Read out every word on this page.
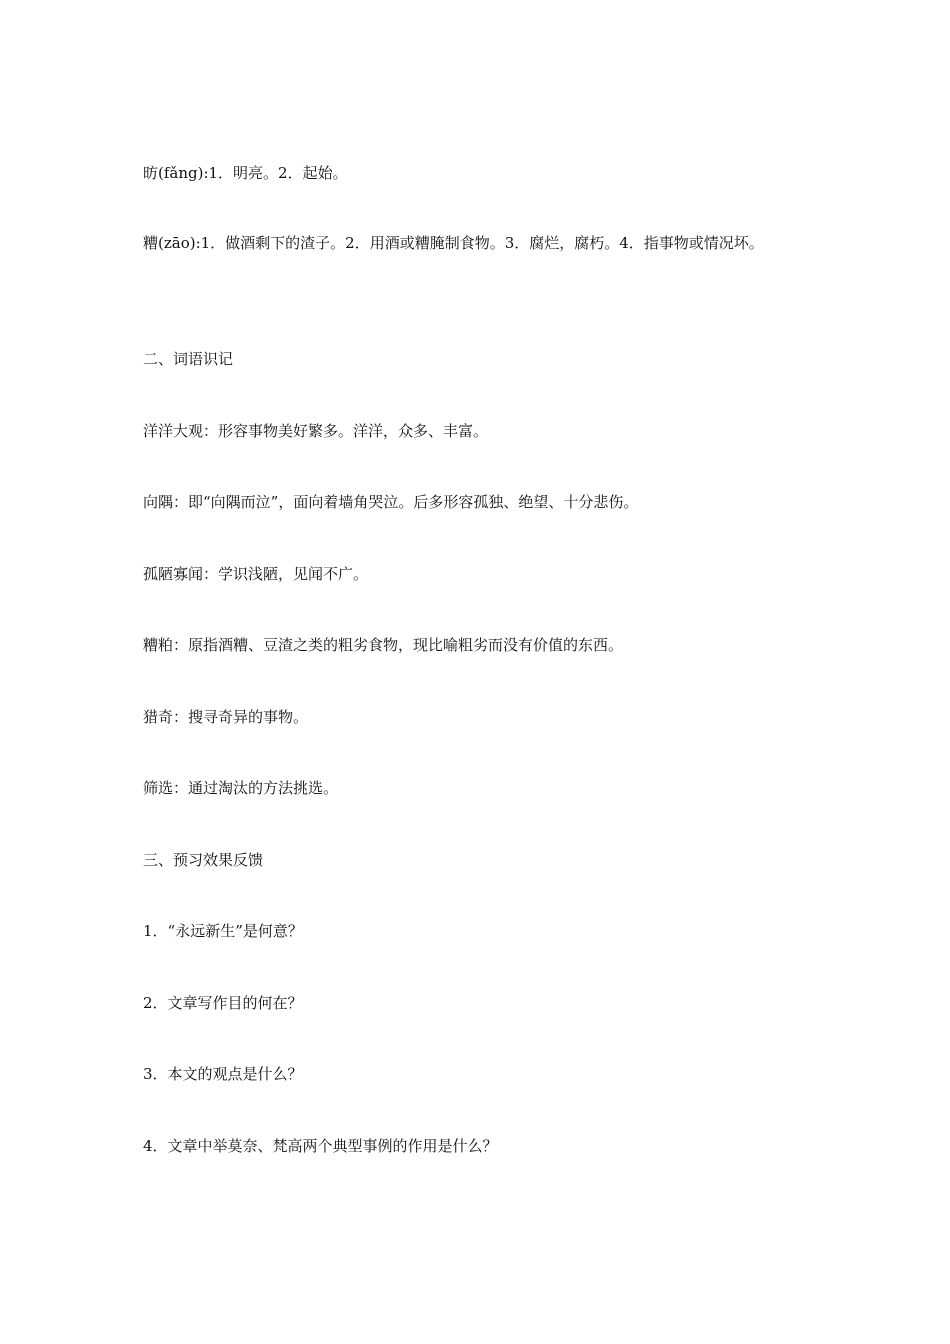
昉(fǎng):1．明亮。2．起始。
糟(zāo):1．做酒剩下的渣子。2．用酒或糟腌制食物。3．腐烂，腐朽。4．指事物或情况坏。
二、词语识记
洋洋大观：形容事物美好繁多。洋洋，众多、丰富。
向隅：即“向隅而泣”，面向着墙角哭泣。后多形容孤独、绝望、十分悲伤。
孤陋寡闻：学识浅陋，见闻不广。
糟粕：原指酒糟、豆渣之类的粗劣食物，现比喻粗劣而没有价值的东西。
猎奇：搜寻奇异的事物。
筛选：通过淘汰的方法挑选。
三、预习效果反馈
1．“永远新生”是何意？
2．文章写作目的何在？
3．本文的观点是什么？
4．文章中举莫奈、梵高两个典型事例的作用是什么？
